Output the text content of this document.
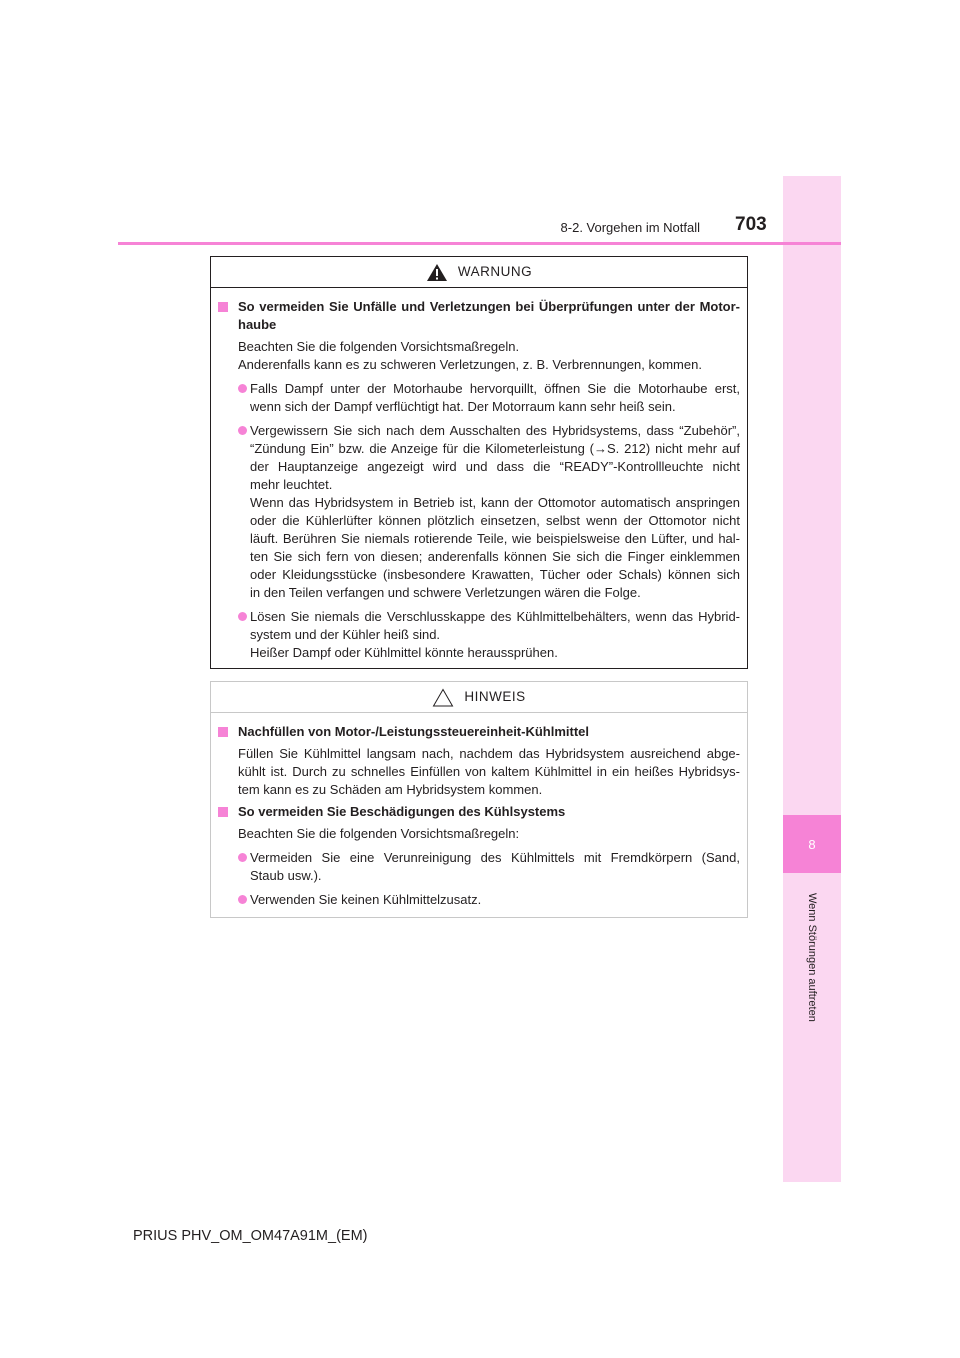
8
Wenn Störungen auftreten
8-2. Vorgehen im Notfall 703
WARNUNG
So vermeiden Sie Unfälle und Verletzungen bei Überprüfungen unter der Motor-
haube
Beachten Sie die folgenden Vorsichtsmaßregeln.
Anderenfalls kann es zu schweren Verletzungen, z. B. Verbrennungen, kommen.
Falls Dampf unter der Motorhaube hervorquillt, öffnen Sie die Motorhaube erst,
wenn sich der Dampf verflüchtigt hat. Der Motorraum kann sehr heiß sein.
Vergewissern Sie sich nach dem Ausschalten des Hybridsystems, dass “Zubehör”,
“Zündung Ein” bzw. die Anzeige für die Kilometerleistung (→S. 212) nicht mehr auf
der Hauptanzeige angezeigt wird und dass die “READY”-Kontrollleuchte nicht
mehr leuchtet.
Wenn das Hybridsystem in Betrieb ist, kann der Ottomotor automatisch anspringen
oder die Kühlerlüfter können plötzlich einsetzen, selbst wenn der Ottomotor nicht
läuft. Berühren Sie niemals rotierende Teile, wie beispielsweise den Lüfter, und hal-
ten Sie sich fern von diesen; anderenfalls können Sie sich die Finger einklemmen
oder Kleidungsstücke (insbesondere Krawatten, Tücher oder Schals) können sich
in den Teilen verfangen und schwere Verletzungen wären die Folge.
Lösen Sie niemals die Verschlusskappe des Kühlmittelbehälters, wenn das Hybrid-
system und der Kühler heiß sind.
Heißer Dampf oder Kühlmittel könnte heraussprühen.
HINWEIS
Nachfüllen von Motor-/Leistungssteuereinheit-Kühlmittel
Füllen Sie Kühlmittel langsam nach, nachdem das Hybridsystem ausreichend abge-
kühlt ist. Durch zu schnelles Einfüllen von kaltem Kühlmittel in ein heißes Hybridsys-
tem kann es zu Schäden am Hybridsystem kommen.
So vermeiden Sie Beschädigungen des Kühlsystems
Beachten Sie die folgenden Vorsichtsmaßregeln:
Vermeiden Sie eine Verunreinigung des Kühlmittels mit Fremdkörpern (Sand,
Staub usw.).
Verwenden Sie keinen Kühlmittelzusatz.
PRIUS PHV_OM_OM47A91M_(EM)
